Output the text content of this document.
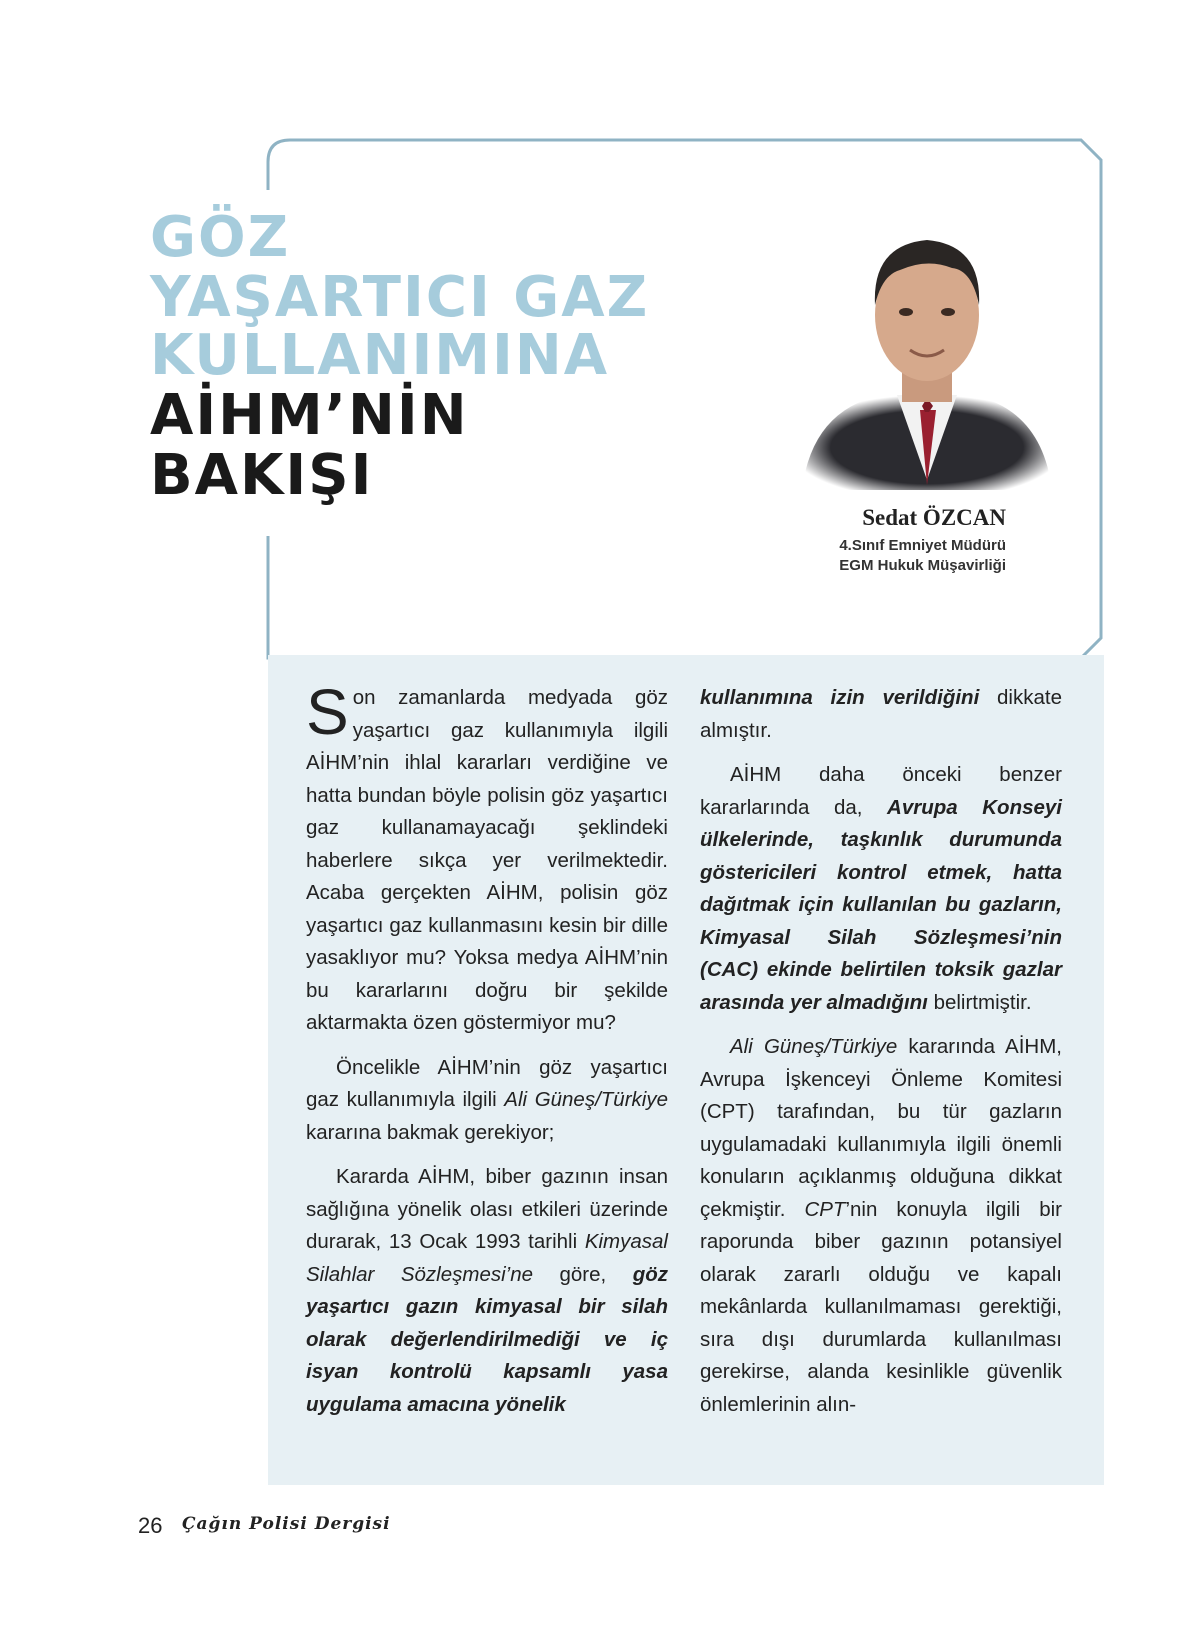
GÖZ
YAŞARTICI GAZ
KULLANIMINA
AİHM’NİN
BAKIŞI
Sedat ÖZCAN
4.Sınıf Emniyet Müdürü
EGM Hukuk Müşavirliği

Son zamanlarda medyada göz yaşartıcı gaz kullanımıyla ilgili AİHM’nin ihlal kararları verdiğine ve hatta bundan böyle polisin göz yaşartıcı gaz kullanamayacağı şeklindeki haberlere sıkça yer verilmektedir. Acaba gerçekten AİHM, polisin göz yaşartıcı gaz kullanmasını kesin bir dille yasaklıyor mu? Yoksa medya AİHM’nin bu kararlarını doğru bir şekilde aktarmakta özen göstermiyor mu?

Öncelikle AİHM’nin göz yaşartıcı gaz kullanımıyla ilgili Ali Güneş/Türkiye kararına bakmak gerekiyor;

Kararda AİHM, biber gazının insan sağlığına yönelik olası etkileri üzerinde durarak, 13 Ocak 1993 tarihli Kimyasal Silahlar Sözleşmesi’ne göre, göz yaşartıcı gazın kimyasal bir silah olarak değerlendirilmediği ve iç isyan kontrolü kapsamlı yasa uygulama amacına yönelik

kullanımına izin verildiğini dikkate almıştır.

AİHM daha önceki benzer kararlarında da, Avrupa Konseyi ülkelerinde, taşkınlık durumunda göstericileri kontrol etmek, hatta dağıtmak için kullanılan bu gazların, Kimyasal Silah Sözleşmesi’nin (CAC) ekinde belirtilen toksik gazlar arasında yer almadığını belirtmiştir.

Ali Güneş/Türkiye kararında AİHM, Avrupa İşkenceyi Önleme Komitesi (CPT) tarafından, bu tür gazların uygulamadaki kullanımıyla ilgili önemli konuların açıklanmış olduğuna dikkat çekmiştir. CPT’nin konuyla ilgili bir raporunda biber gazının potansiyel olarak zararlı olduğu ve kapalı mekânlarda kullanılmaması gerektiği, sıra dışı durumlarda kullanılması gerekirse, alanda kesinlikle güvenlik önlemlerinin alın-

26 Çağın Polisi Dergisi
